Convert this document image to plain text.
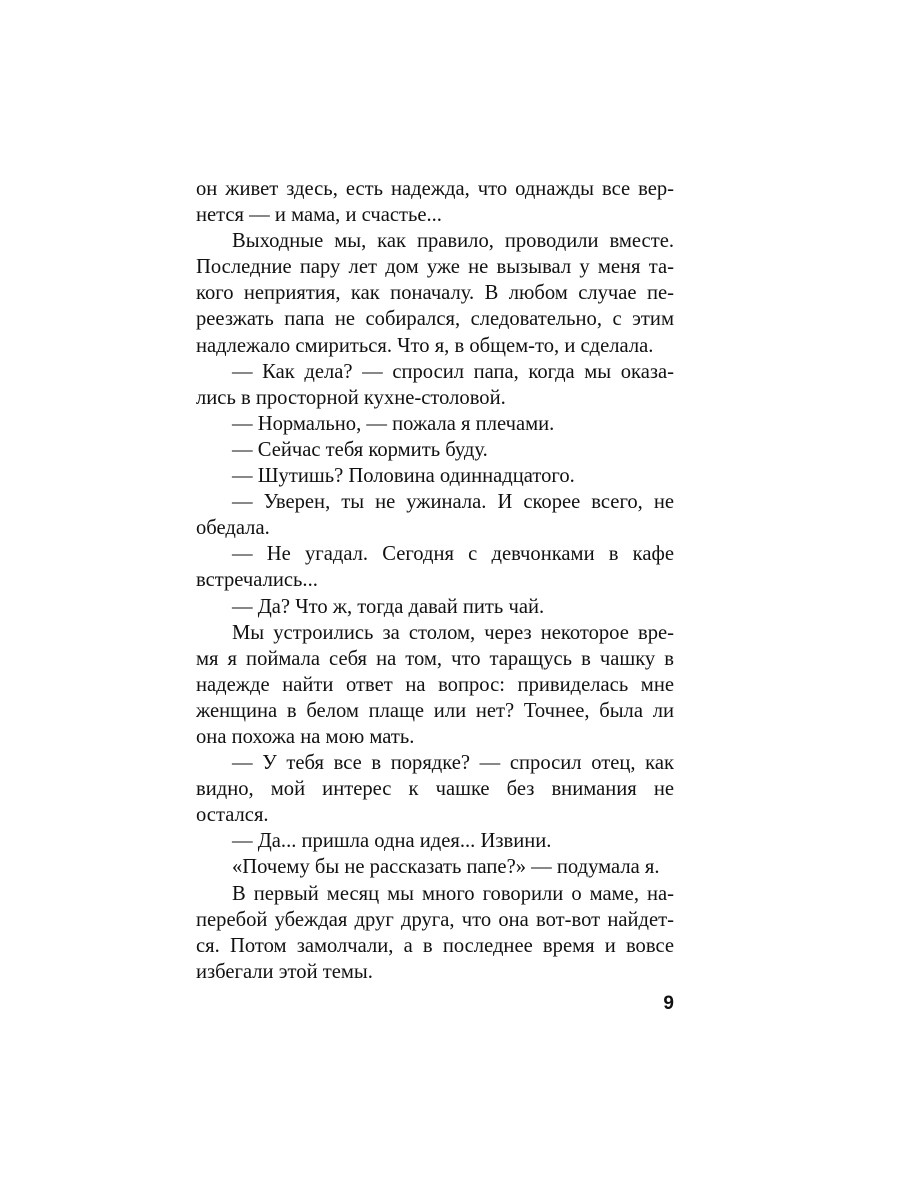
он живет здесь, есть надежда, что однажды все вер-
нется — и мама, и счастье...
Выходные мы, как правило, проводили вместе.
Последние пару лет дом уже не вызывал у меня та-
кого неприятия, как поначалу. В любом случае пе-
реезжать папа не собирался, следовательно, с этим
надлежало смириться. Что я, в общем-то, и сделала.
— Как дела? — спросил папа, когда мы оказа-
лись в просторной кухне-столовой.
— Нормально, — пожала я плечами.
— Сейчас тебя кормить буду.
— Шутишь? Половина одиннадцатого.
— Уверен, ты не ужинала. И скорее всего, не
обедала.
— Не угадал. Сегодня с девчонками в кафе
встречались...
— Да? Что ж, тогда давай пить чай.
Мы устроились за столом, через некоторое вре-
мя я поймала себя на том, что таращусь в чашку в
надежде найти ответ на вопрос: привиделась мне
женщина в белом плаще или нет? Точнее, была ли
она похожа на мою мать.
— У тебя все в порядке? — спросил отец, как
видно, мой интерес к чашке без внимания не
остался.
— Да... пришла одна идея... Извини.
«Почему бы не рассказать папе?» — подумала я.
В первый месяц мы много говорили о маме, на-
перебой убеждая друг друга, что она вот-вот найдет-
ся. Потом замолчали, а в последнее время и вовсе
избегали этой темы.
9
